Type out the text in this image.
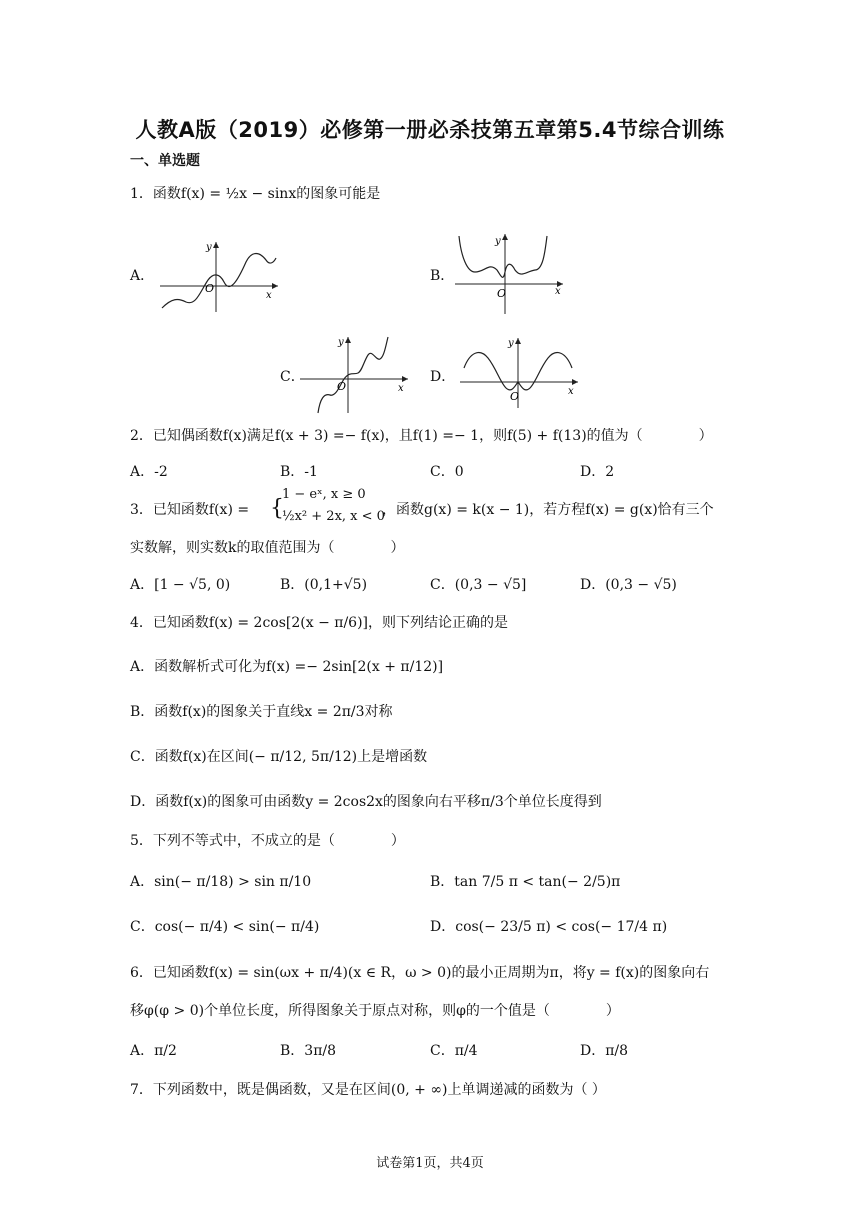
人教A版（2019）必修第一册必杀技第五章第5.4节综合训练
一、单选题
1．函数f(x) = ½x − sinx的图象可能是
A．
O
x
y
B．
O	x
y
C．
O	x
y
D．
O	x
y
2．已知偶函数f(x)满足f(x + 3) =− f(x)，且f(1) =− 1，则f(5) + f(13)的值为（　　　　）
A．-2	B．-1	C．0	D．2
3．已知函数f(x) = {
1 − eˣ, x ≥ 0
½x² + 2x, x < 0
，函数g(x) = k(x − 1)，若方程f(x) = g(x)恰有三个
实数解，则实数k的取值范围为（　　　　）
A．[1 − √5, 0)	B．(0,1+√5)	C．(0,3 − √5]	D．(0,3 − √5)
4．已知函数f(x) = 2cos[2(x − π/6)]，则下列结论正确的是
A．函数解析式可化为f(x) =− 2sin[2(x + π/12)]
B．函数f(x)的图象关于直线x = 2π/3对称
C．函数f(x)在区间(− π/12, 5π/12)上是增函数
D．函数f(x)的图象可由函数y = 2cos2x的图象向右平移π/3个单位长度得到
5．下列不等式中，不成立的是（　　　　）
A．sin(− π/18) > sin π/10	B．tan 7/5 π < tan(− 2/5)π
C．cos(− π/4) < sin(− π/4)	D．cos(− 23/5 π) < cos(− 17/4 π)
6．已知函数f(x) = sin(ωx + π/4)(x ∈ R，ω > 0)的最小正周期为π，将y = f(x)的图象向右
移φ(φ > 0)个单位长度，所得图象关于原点对称，则φ的一个值是（　　　　）
A．π/2	B．3π/8	C．π/4	D．π/8
7．下列函数中，既是偶函数，又是在区间(0, + ∞)上单调递减的函数为（ ）
试卷第1页，共4页
